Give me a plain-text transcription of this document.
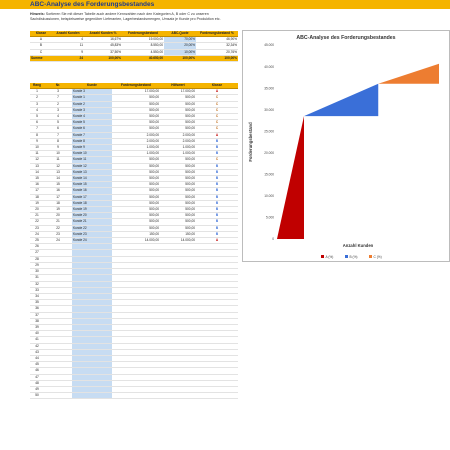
ABC-Analyse des Forderungsbestandes
Hinweis: Sortieren Sie mit dieser Tabelle auch andere Kennzahlen nach den Kategorien A, B oder C zu unseren Sachdiskussionen, beispielsweise gegenüber Lieferanten, Lagerbestandsmengen, Umsatz je Kunde pro Produktion etc.
Klasse	Anzahl Kunden	Anzahl Kunden %	Forderungsbestand	ABC-Quote	Forderungsbestand %
A	4	16,67%	19.000,00	70,00%	46,90%
B	11	45,83%	8.550,00	20,00%	32,34%
C	9	37,50%	4.550,00	10,00%	20,76%
Summe	24	100,00%	40.650,00	100,00%	100,00%
Rang	Nr.	Kunde	Forderungsbestand	Hilfswert	Klasse
1	3	Kunde 3	17.000,00	17.000,00	A
2	7	Kunde 1	500,00	500,00	C
3	2	Kunde 2	500,00	500,00	C
4	3	Kunde 3	500,00	500,00	C
5	4	Kunde 4	500,00	500,00	C
6	5	Kunde 5	500,00	500,00	C
7	6	Kunde 6	500,00	500,00	C
8	7	Kunde 7	2.000,00	2.000,00	A
9	8	Kunde 8	2.000,00	2.000,00	B
10	9	Kunde 9	1.000,00	1.000,00	B
11	10	Kunde 10	1.000,00	1.000,00	B
12	11	Kunde 11	500,00	500,00	C
13	12	Kunde 12	500,00	500,00	B
14	13	Kunde 13	500,00	500,00	B
15	14	Kunde 14	500,00	500,00	B
16	15	Kunde 15	500,00	500,00	B
17	16	Kunde 16	500,00	500,00	B
18	17	Kunde 17	500,00	500,00	B
19	18	Kunde 18	500,00	500,00	B
20	19	Kunde 19	500,00	500,00	B
21	20	Kunde 20	500,00	500,00	B
22	21	Kunde 21	500,00	500,00	B
23	22	Kunde 22	500,00	500,00	B
24	23	Kunde 23	150,00	150,00	B
25	24	Kunde 24	14.000,00	14.000,00	A
26					
27					
28					
29					
30					
31					
32					
33					
34					
35					
36					
37					
38					
39					
40					
41					
42					
43					
44					
45					
46					
47					
48					
49					
50					
ABC-Analyse des Forderungsbestandes
0
5.000
10.000
15.000
20.000
25.000
30.000
35.000
40.000
45.000
Forderungsbestand
Anzahl Kunden
A (%)	B (%)	C (%)
